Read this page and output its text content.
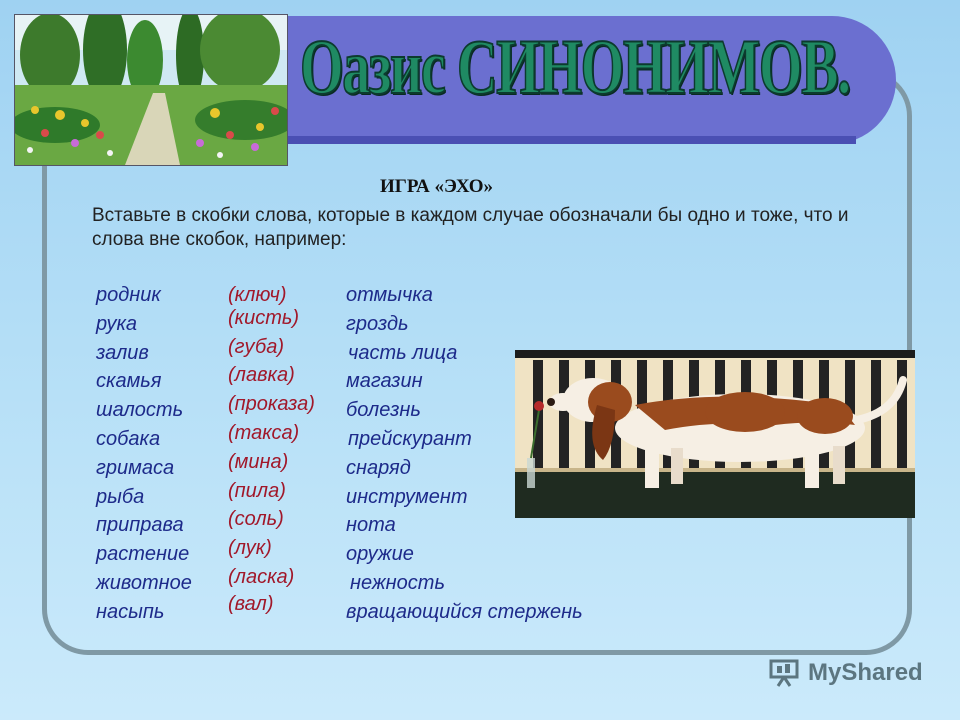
Оазис СИНОНИМОВ.
ИГРА «ЭХО»
Вставьте в скобки слова, которые в каждом случае обозначали бы одно и тоже, что и слова вне скобок, например:
родник	(ключ)	отмычка
рука	(кисть) гроздь
залив	(губа)	часть лица
скамья	(лавка)	магазин
шалость (проказа) болезнь
собака	(такса) прейскурант
гримаса	(мина)	снаряд
рыба	(пила)	инструмент
приправа (соль)	нота
растение (лук)	оружие
животное (ласка)	нежность
насыпь	(вал)	вращающийся стержень
MyShared
